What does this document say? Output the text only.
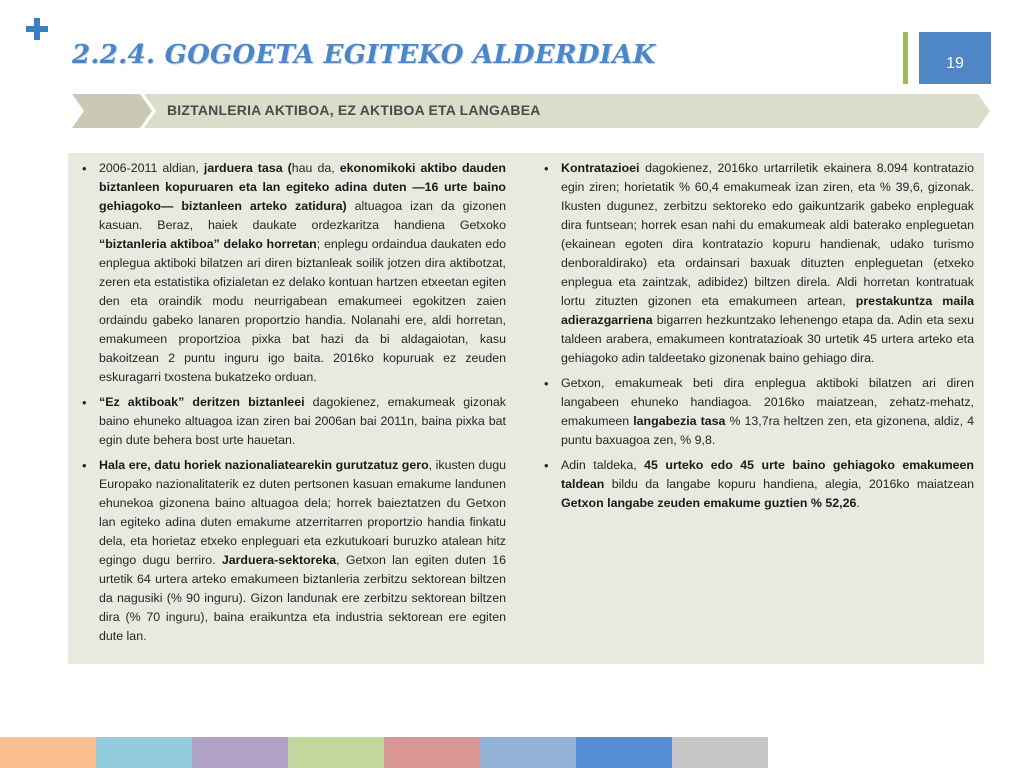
2.2.4. GOGOETA EGITEKO ALDERDIAK	19
BIZTANLERIA AKTIBOA, EZ AKTIBOA ETA LANGABEA
• 2006-2011 aldian, jarduera tasa (hau da, ekonomikoki aktibo dauden biztanleen kopuruaren eta lan egiteko adina duten —16 urte baino gehiagoko— biztanleen arteko zatidura) altuagoa izan da gizonen kasuan. Beraz, haiek daukate ordezkaritza handiena Getxoko “biztanleria aktiboa” delako horretan; enplegu ordaindua daukaten edo enplegua aktiboki bilatzen ari diren biztanleak soilik jotzen dira aktibotzat, zeren eta estatistika ofizialetan ez delako kontuan hartzen etxeetan egiten den eta oraindik modu neurrigabean emakumeei egokitzen zaien ordaindu gabeko lanaren proportzio handia. Nolanahi ere, aldi horretan, emakumeen proportzioa pixka bat hazi da bi aldagaiotan, kasu bakoitzean 2 puntu inguru igo baita. 2016ko kopuruak ez zeuden eskuragarri txostena bukatzeko orduan.
• “Ez aktiboak” deritzen biztanleei dagokienez, emakumeak gizonak baino ehuneko altuagoa izan ziren bai 2006an bai 2011n, baina pixka bat egin dute behera bost urte hauetan.
• Hala ere, datu horiek nazionaliatearekin gurutzatuz gero, ikusten dugu Europako nazionalitaterik ez duten pertsonen kasuan emakume landunen ehunekoa gizonena baino altuagoa dela; horrek baieztatzen du Getxon lan egiteko adina duten emakume atzerritarren proportzio handia finkatu dela, eta horietaz etxeko enpleguari eta ezkutukoari buruzko atalean hitz egingo dugu berriro. Jarduera-sektoreka, Getxon lan egiten duten 16 urtetik 64 urtera arteko emakumeen biztanleria zerbitzu sektorean biltzen da nagusiki (% 90 inguru). Gizon landunak ere zerbitzu sektorean biltzen dira (% 70 inguru), baina eraikuntza eta industria sektorean ere egiten dute lan.
• Kontratazioei dagokienez, 2016ko urtarriletik ekainera 8.094 kontratazio egin ziren; horietatik % 60,4 emakumeak izan ziren, eta % 39,6, gizonak. Ikusten dugunez, zerbitzu sektoreko edo gaikuntzarik gabeko enpleguak dira funtsean; horrek esan nahi du emakumeak aldi baterako enpleguetan (ekainean egoten dira kontratazio kopuru handienak, udako turismo denboraldirako) eta ordainsari baxuak dituzten enpleguetan (etxeko enplegua eta zaintzak, adibidez) biltzen direla. Aldi horretan kontratuak lortu zituzten gizonen eta emakumeen artean, prestakuntza maila adierazgarriena bigarren hezkuntzako lehenengo etapa da. Adin eta sexu taldeen arabera, emakumeen kontratazioak 30 urtetik 45 urtera arteko eta gehiagoko adin taldeetako gizonenak baino gehiago dira.
• Getxon, emakumeak beti dira enplegua aktiboki bilatzen ari diren langabeen ehuneko handiagoa. 2016ko maiatzean, zehatz-mehatz, emakumeen langabezia tasa % 13,7ra heltzen zen, eta gizonena, aldiz, 4 puntu baxuagoa zen, % 9,8.
• Adin taldeka, 45 urteko edo 45 urte baino gehiagoko emakumeen taldean bildu da langabe kopuru handiena, alegia, 2016ko maiatzean Getxon langabe zeuden emakume guztien % 52,26.
